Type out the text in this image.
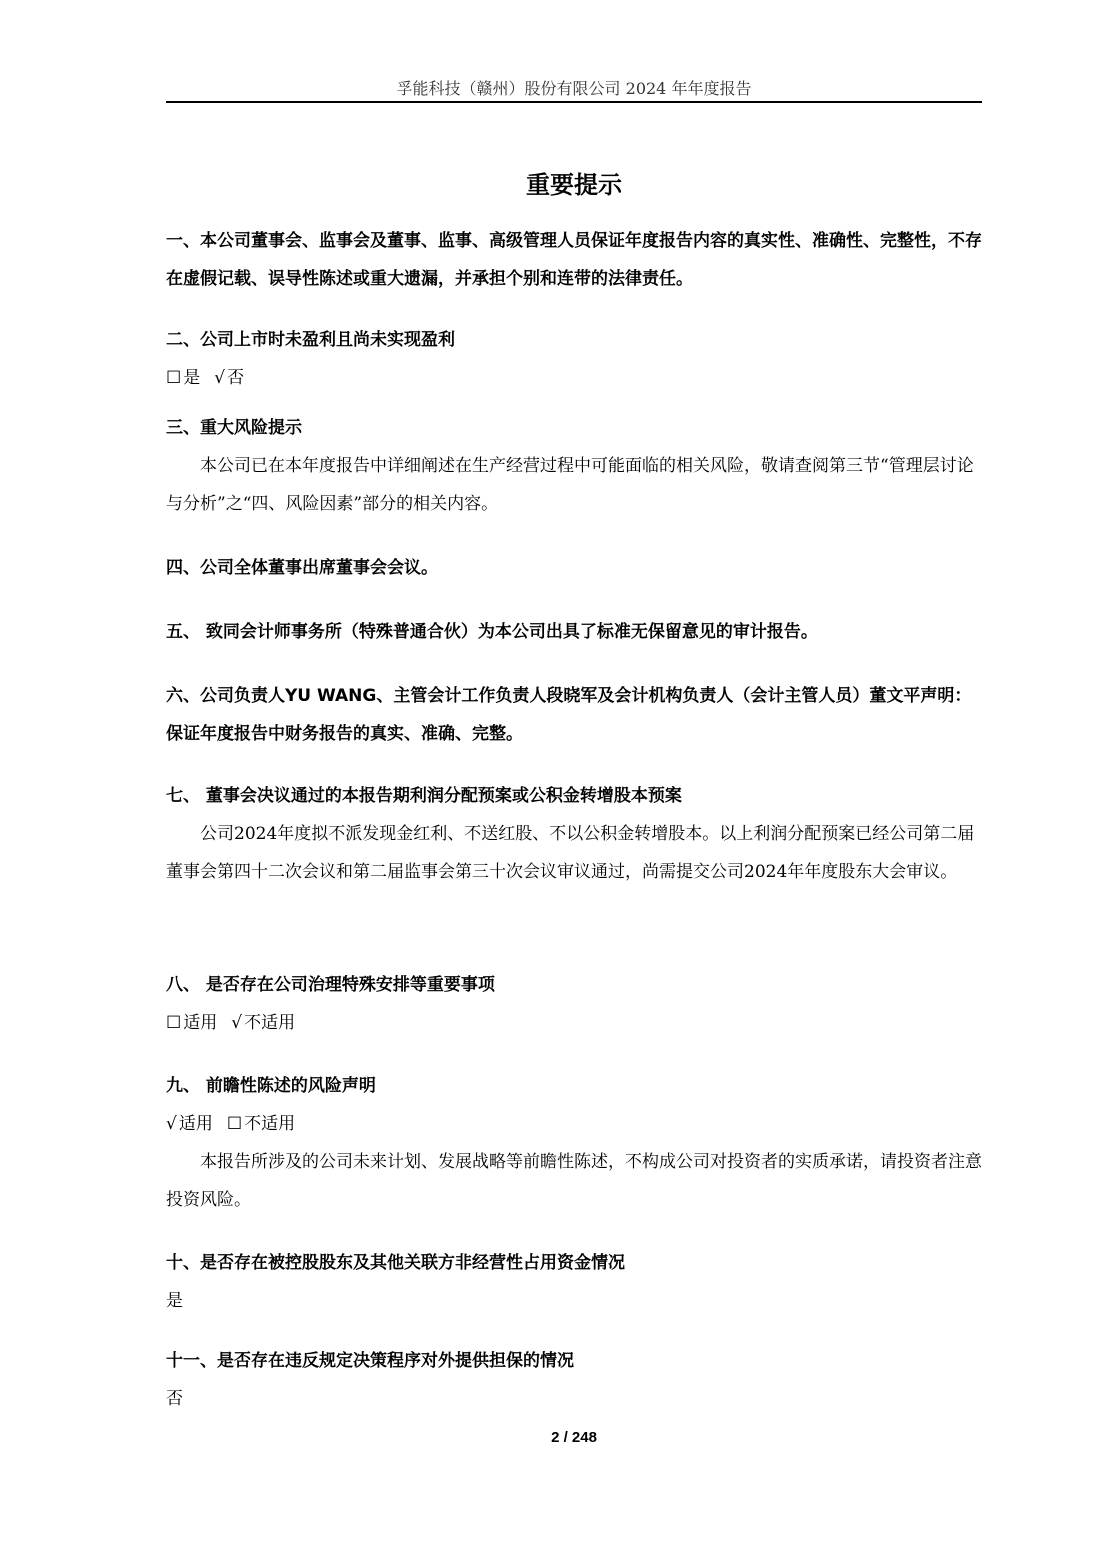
孚能科技（赣州）股份有限公司 2024 年年度报告
重要提示
一、本公司董事会、监事会及董事、监事、高级管理人员保证年度报告内容的真实性、准确性、完整性，不存在虚假记载、误导性陈述或重大遗漏，并承担个别和连带的法律责任。
二、公司上市时未盈利且尚未实现盈利
☐ 是 √ 否
三、重大风险提示
本公司已在本年度报告中详细阐述在生产经营过程中可能面临的相关风险，敬请查阅第三节“管理层讨论与分析”之“四、风险因素”部分的相关内容。
四、公司全体董事出席董事会会议。
五、 致同会计师事务所（特殊普通合伙）为本公司出具了标准无保留意见的审计报告。
六、公司负责人YU WANG、主管会计工作负责人段晓军及会计机构负责人（会计主管人员）董文平声明：保证年度报告中财务报告的真实、准确、完整。
七、 董事会决议通过的本报告期利润分配预案或公积金转增股本预案
公司2024年度拟不派发现金红利、不送红股、不以公积金转增股本。以上利润分配预案已经公司第二届董事会第四十二次会议和第二届监事会第三十次会议审议通过，尚需提交公司2024年年度股东大会审议。
八、 是否存在公司治理特殊安排等重要事项
☐ 适用 √ 不适用
九、 前瞻性陈述的风险声明
√ 适用 ☐ 不适用
本报告所涉及的公司未来计划、发展战略等前瞻性陈述，不构成公司对投资者的实质承诺，请投资者注意投资风险。
十、是否存在被控股股东及其他关联方非经营性占用资金情况
是
十一、是否存在违反规定决策程序对外提供担保的情况
否
2 / 248
